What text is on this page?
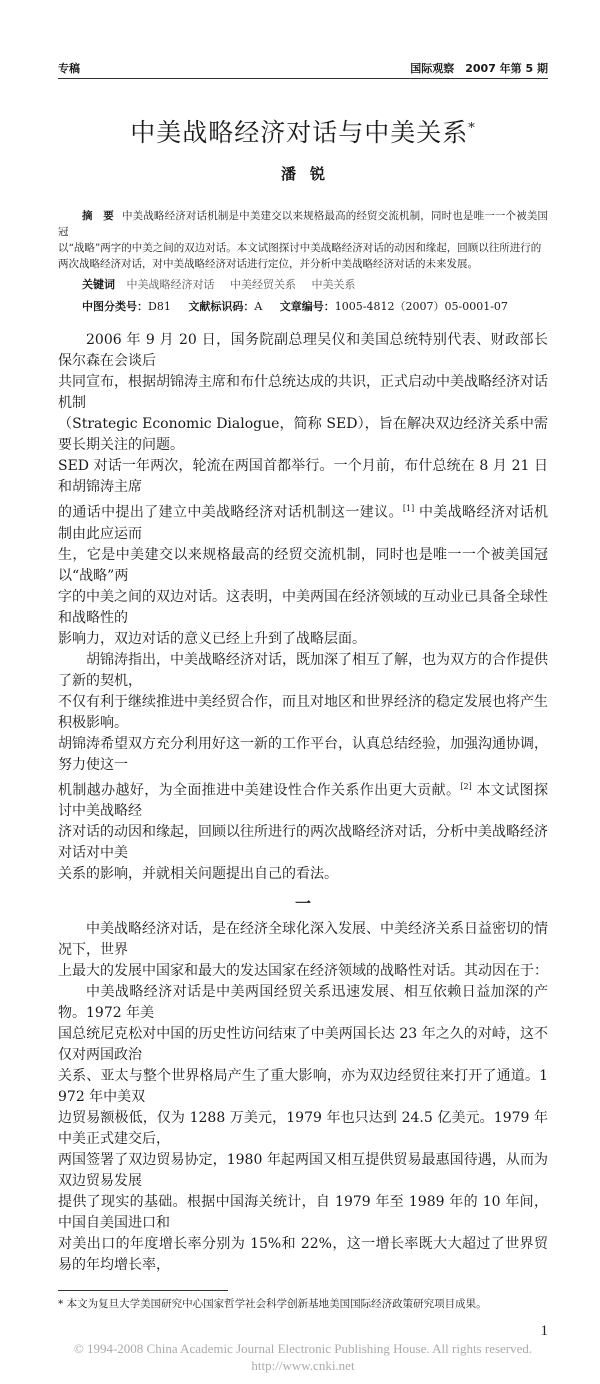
专稿	国际观察　2007 年第 5 期
中美战略经济对话与中美关系*
潘锐
摘　要 中美战略经济对话机制是中美建交以来规格最高的经贸交流机制，同时也是唯一一个被美国冠
以“战略”两字的中美之间的双边对话。本文试图探讨中美战略经济对话的动因和缘起，回顾以往所进行的
两次战略经济对话，对中美战略经济对话进行定位，并分析中美战略经济对话的未来发展。
关键词 中美战略经济对话 中美经贸关系 中美关系
中图分类号：D81 文献标识码：A 文章编号：1005-4812（2007）05-0001-07
2006 年 9 月 20 日，国务院副总理吴仪和美国总统特别代表、财政部长保尔森在会谈后
共同宣布，根据胡锦涛主席和布什总统达成的共识，正式启动中美战略经济对话机制
（Strategic Economic Dialogue，简称 SED），旨在解决双边经济关系中需要长期关注的问题。
SED 对话一年两次，轮流在两国首都举行。一个月前，布什总统在 8 月 21 日和胡锦涛主席
的通话中提出了建立中美战略经济对话机制这一建议。[1] 中美战略经济对话机制由此应运而
生，它是中美建交以来规格最高的经贸交流机制，同时也是唯一一个被美国冠以“战略”两
字的中美之间的双边对话。这表明，中美两国在经济领域的互动业已具备全球性和战略性的
影响力，双边对话的意义已经上升到了战略层面。
胡锦涛指出，中美战略经济对话，既加深了相互了解，也为双方的合作提供了新的契机，
不仅有利于继续推进中美经贸合作，而且对地区和世界经济的稳定发展也将产生积极影响。
胡锦涛希望双方充分利用好这一新的工作平台，认真总结经验，加强沟通协调，努力使这一
机制越办越好，为全面推进中美建设性合作关系作出更大贡献。[2] 本文试图探讨中美战略经
济对话的动因和缘起，回顾以往所进行的两次战略经济对话，分析中美战略经济对话对中美
关系的影响，并就相关问题提出自己的看法。
一
中美战略经济对话，是在经济全球化深入发展、中美经济关系日益密切的情况下，世界
上最大的发展中国家和最大的发达国家在经济领域的战略性对话。其动因在于：
中美战略经济对话是中美两国经贸关系迅速发展、相互依赖日益加深的产物。1972 年美
国总统尼克松对中国的历史性访问结束了中美两国长达 23 年之久的对峙，这不仅对两国政治
关系、亚太与整个世界格局产生了重大影响，亦为双边经贸往来打开了通道。1972 年中美双
边贸易额极低，仅为 1288 万美元，1979 年也只达到 24.5 亿美元。1979 年中美正式建交后，
两国签署了双边贸易协定，1980 年起两国又相互提供贸易最惠国待遇，从而为双边贸易发展
提供了现实的基础。根据中国海关统计，自 1979 年至 1989 年的 10 年间，中国自美国进口和
对美出口的年度增长率分别为 15%和 22%，这一增长率既大大超过了世界贸易的年均增长率，
* 本文为复旦大学美国研究中心国家哲学社会科学创新基地美国国际经济政策研究项目成果。
1
© 1994-2008 China Academic Journal Electronic Publishing House. All rights reserved.　 http://www.cnki.net
